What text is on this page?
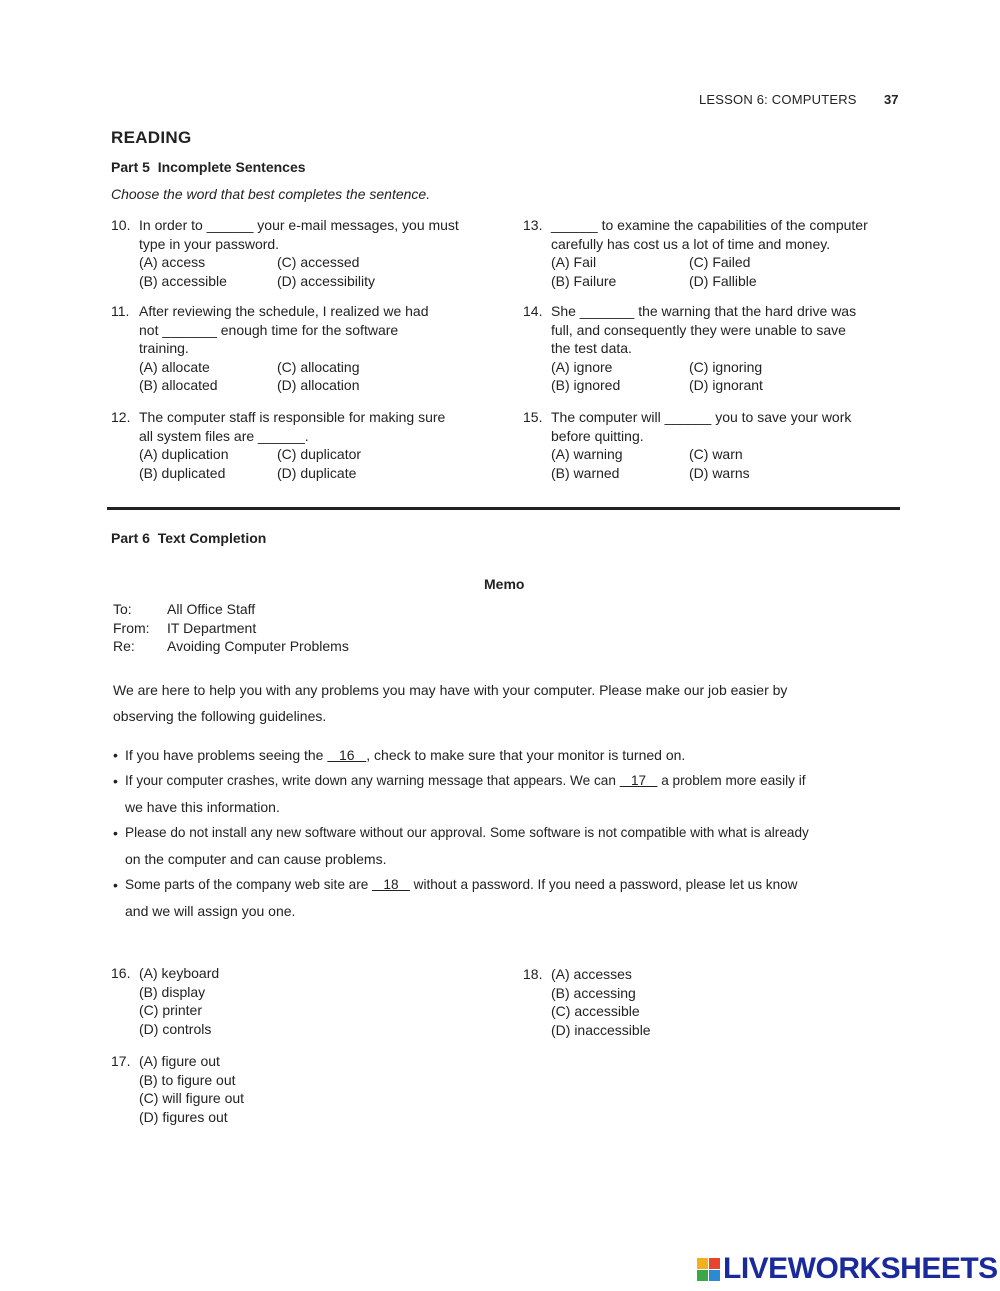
LESSON 6: COMPUTERS 37
READING
Part 5  Incomplete Sentences
Choose the word that best completes the sentence.
10. In order to ______ your e-mail messages, you must
type in your password.
(A) access	(C) accessed
(B) accessible	(D) accessibility
11. After reviewing the schedule, I realized we had
not _______ enough time for the software
training.
(A) allocate	(C) allocating
(B) allocated	(D) allocation
12. The computer staff is responsible for making sure
all system files are ______.
(A) duplication	(C) duplicator
(B) duplicated	(D) duplicate
13. ______ to examine the capabilities of the computer
carefully has cost us a lot of time and money.
(A) Fail	(C) Failed
(B) Failure	(D) Fallible
14. She _______ the warning that the hard drive was
full, and consequently they were unable to save
the test data.
(A) ignore	(C) ignoring
(B) ignored	(D) ignorant
15. The computer will ______ you to save your work
before quitting.
(A) warning	(C) warn
(B) warned	(D) warns
Part 6  Text Completion
Memo
To:	All Office Staff
From: IT Department
Re: Avoiding Computer Problems
We are here to help you with any problems you may have with your computer. Please make our job easier by
observing the following guidelines.
• If you have problems seeing the    16   , check to make sure that your monitor is turned on.
• If your computer crashes, write down any warning message that appears. We can    17    a problem more easily if
we have this information.
• Please do not install any new software without our approval. Some software is not compatible with what is already
on the computer and can cause problems.
• Some parts of the company web site are    18    without a password. If you need a password, please let us know
and we will assign you one.
16. (A) keyboard
(B) display
(C) printer
(D) controls
17. (A) figure out
(B) to figure out
(C) will figure out
(D) figures out
18. (A) accesses
(B) accessing
(C) accessible
(D) inaccessible
LIVEWORKSHEETS
